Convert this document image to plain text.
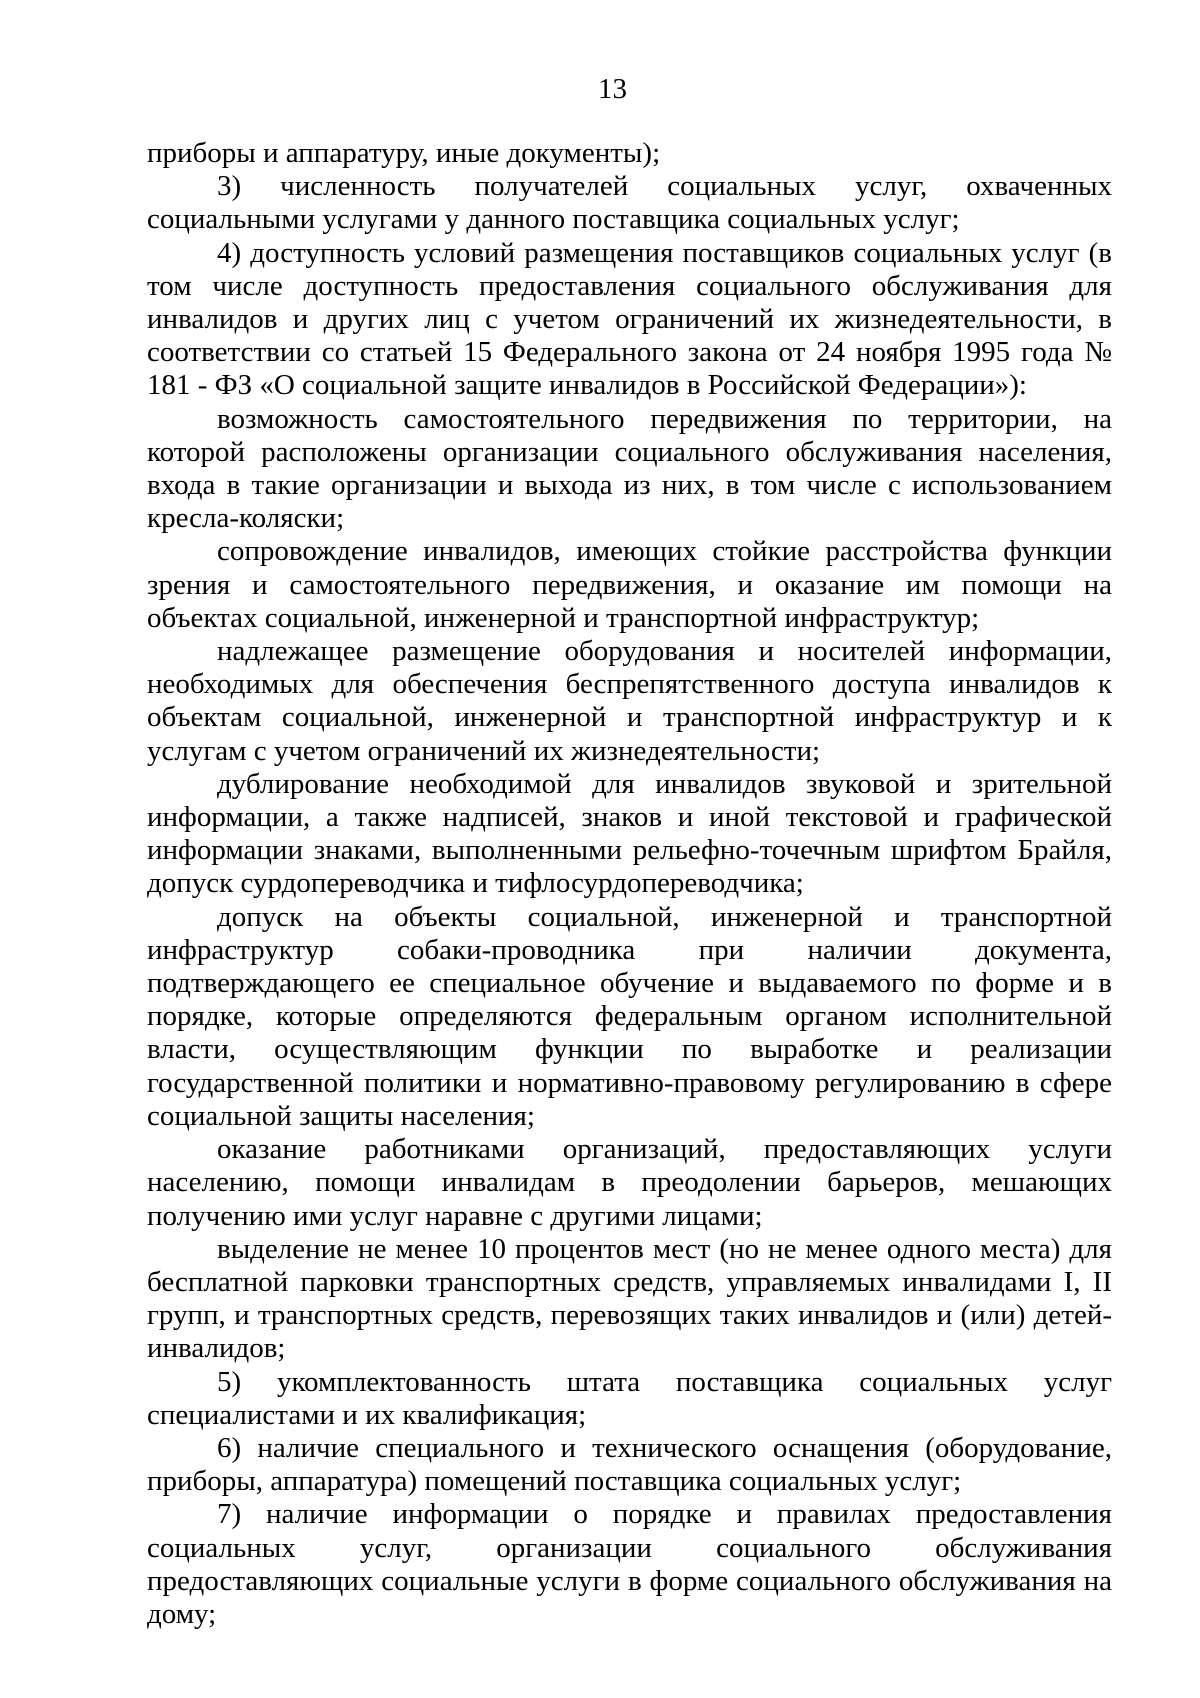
13

приборы и аппаратуру, иные документы);

3) численность получателей социальных услуг, охваченных социальными услугами у данного поставщика социальных услуг;

4) доступность условий размещения поставщиков социальных услуг (в том числе доступность предоставления социального обслуживания для инвалидов и других лиц с учетом ограничений их жизнедеятельности, в соответствии со статьей 15 Федерального закона от 24 ноября 1995 года № 181 - ФЗ «О социальной защите инвалидов в Российской Федерации»):

возможность самостоятельного передвижения по территории, на которой расположены организации социального обслуживания населения, входа в такие организации и выхода из них, в том числе с использованием кресла-коляски;

сопровождение инвалидов, имеющих стойкие расстройства функции зрения и самостоятельного передвижения, и оказание им помощи на объектах социальной, инженерной и транспортной инфраструктур;

надлежащее размещение оборудования и носителей информации, необходимых для обеспечения беспрепятственного доступа инвалидов к объектам социальной, инженерной и транспортной инфраструктур и к услугам с учетом ограничений их жизнедеятельности;

дублирование необходимой для инвалидов звуковой и зрительной информации, а также надписей, знаков и иной текстовой и графической информации знаками, выполненными рельефно-точечным шрифтом Брайля, допуск сурдопереводчика и тифлосурдопереводчика;

допуск на объекты социальной, инженерной и транспортной инфраструктур собаки-проводника при наличии документа, подтверждающего ее специальное обучение и выдаваемого по форме и в порядке, которые определяются федеральным органом исполнительной власти, осуществляющим функции по выработке и реализации государственной политики и нормативно-правовому регулированию в сфере социальной защиты населения;

оказание работниками организаций, предоставляющих услуги населению, помощи инвалидам в преодолении барьеров, мешающих получению ими услуг наравне с другими лицами;

выделение не менее 10 процентов мест (но не менее одного места) для бесплатной парковки транспортных средств, управляемых инвалидами I, II групп, и транспортных средств, перевозящих таких инвалидов и (или) детей-инвалидов;

5) укомплектованность штата поставщика социальных услуг специалистами и их квалификация;

6) наличие специального и технического оснащения (оборудование, приборы, аппаратура) помещений поставщика социальных услуг;

7) наличие информации о порядке и правилах предоставления социальных услуг, организации социального обслуживания предоставляющих социальные услуги в форме социального обслуживания на дому;
